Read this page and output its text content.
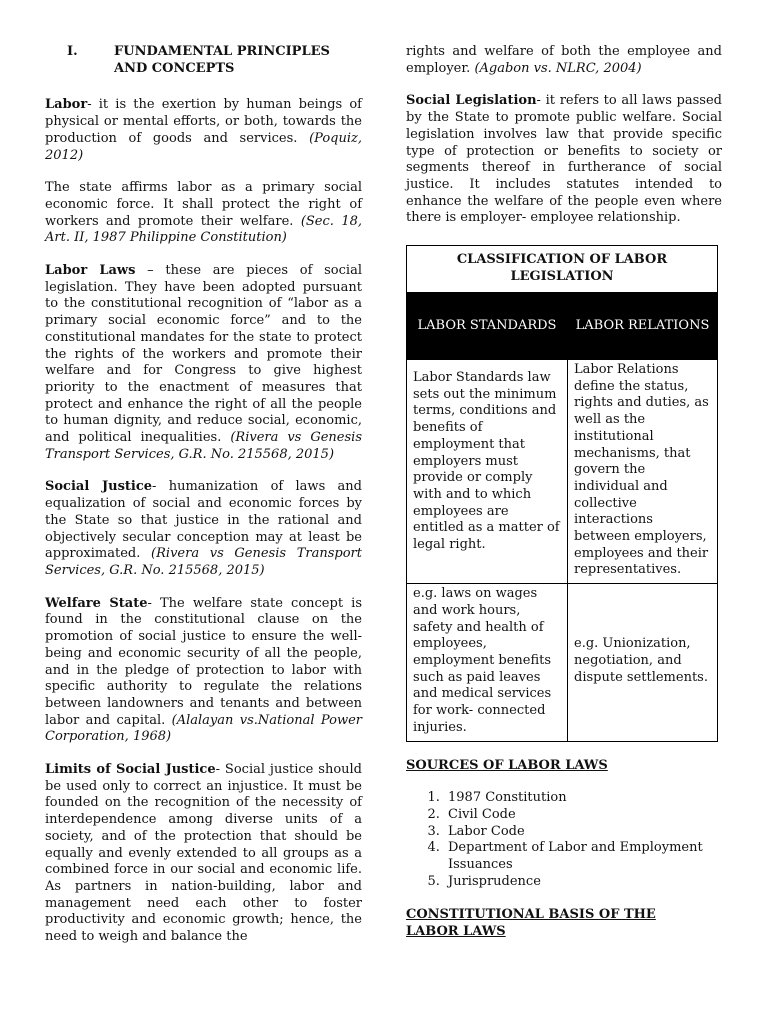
I.	FUNDAMENTAL PRINCIPLES AND CONCEPTS

Labor- it is the exertion by human beings of physical or mental efforts, or both, towards the production of goods and services. (Poquiz, 2012)

The state affirms labor as a primary social economic force. It shall protect the right of workers and promote their welfare. (Sec. 18, Art. II, 1987 Philippine Constitution)

Labor Laws – these are pieces of social legislation. They have been adopted pursuant to the constitutional recognition of “labor as a primary social economic force” and to the constitutional mandates for the state to protect the rights of the workers and promote their welfare and for Congress to give highest priority to the enactment of measures that protect and enhance the right of all the people to human dignity, and reduce social, economic, and political inequalities. (Rivera vs Genesis Transport Services, G.R. No. 215568, 2015)

Social Justice- humanization of laws and equalization of social and economic forces by the State so that justice in the rational and objectively secular conception may at least be approximated. (Rivera vs Genesis Transport Services, G.R. No. 215568, 2015)

Welfare State- The welfare state concept is found in the constitutional clause on the promotion of social justice to ensure the well-being and economic security of all the people, and in the pledge of protection to labor with specific authority to regulate the relations between landowners and tenants and between labor and capital. (Alalayan vs.National Power Corporation, 1968)

Limits of Social Justice- Social justice should be used only to correct an injustice. It must be founded on the recognition of the necessity of interdependence among diverse units of a society, and of the protection that should be equally and evenly extended to all groups as a combined force in our social and economic life. As partners in nation-building, labor and management need each other to foster productivity and economic growth; hence, the need to weigh and balance the

rights and welfare of both the employee and employer. (Agabon vs. NLRC, 2004)

Social Legislation- it refers to all laws passed by the State to promote public welfare. Social legislation involves law that provide specific type of protection or benefits to society or segments thereof in furtherance of social justice. It includes statutes intended to enhance the welfare of the people even where there is employer- employee relationship.

CLASSIFICATION OF LABOR LEGISLATION	
LABOR STANDARDS	LABOR RELATIONS
Labor Standards law sets out the minimum terms, conditions and benefits of employment that employers must provide or comply with and to which employees are entitled as a matter of legal right.	Labor Relations define the status, rights and duties, as well as the institutional mechanisms, that govern the individual and collective interactions between employers, employees and their representatives.
e.g. laws on wages and work hours, safety and health of employees, employment benefits such as paid leaves and medical services for work- connected injuries.	e.g. Unionization, negotiation, and dispute settlements.
SOURCES OF LABOR LAWS
1. 1987 Constitution
2. Civil Code
3. Labor Code
4. Department of Labor and Employment Issuances
5. Jurisprudence
CONSTITUTIONAL BASIS OF THE LABOR LAWS
